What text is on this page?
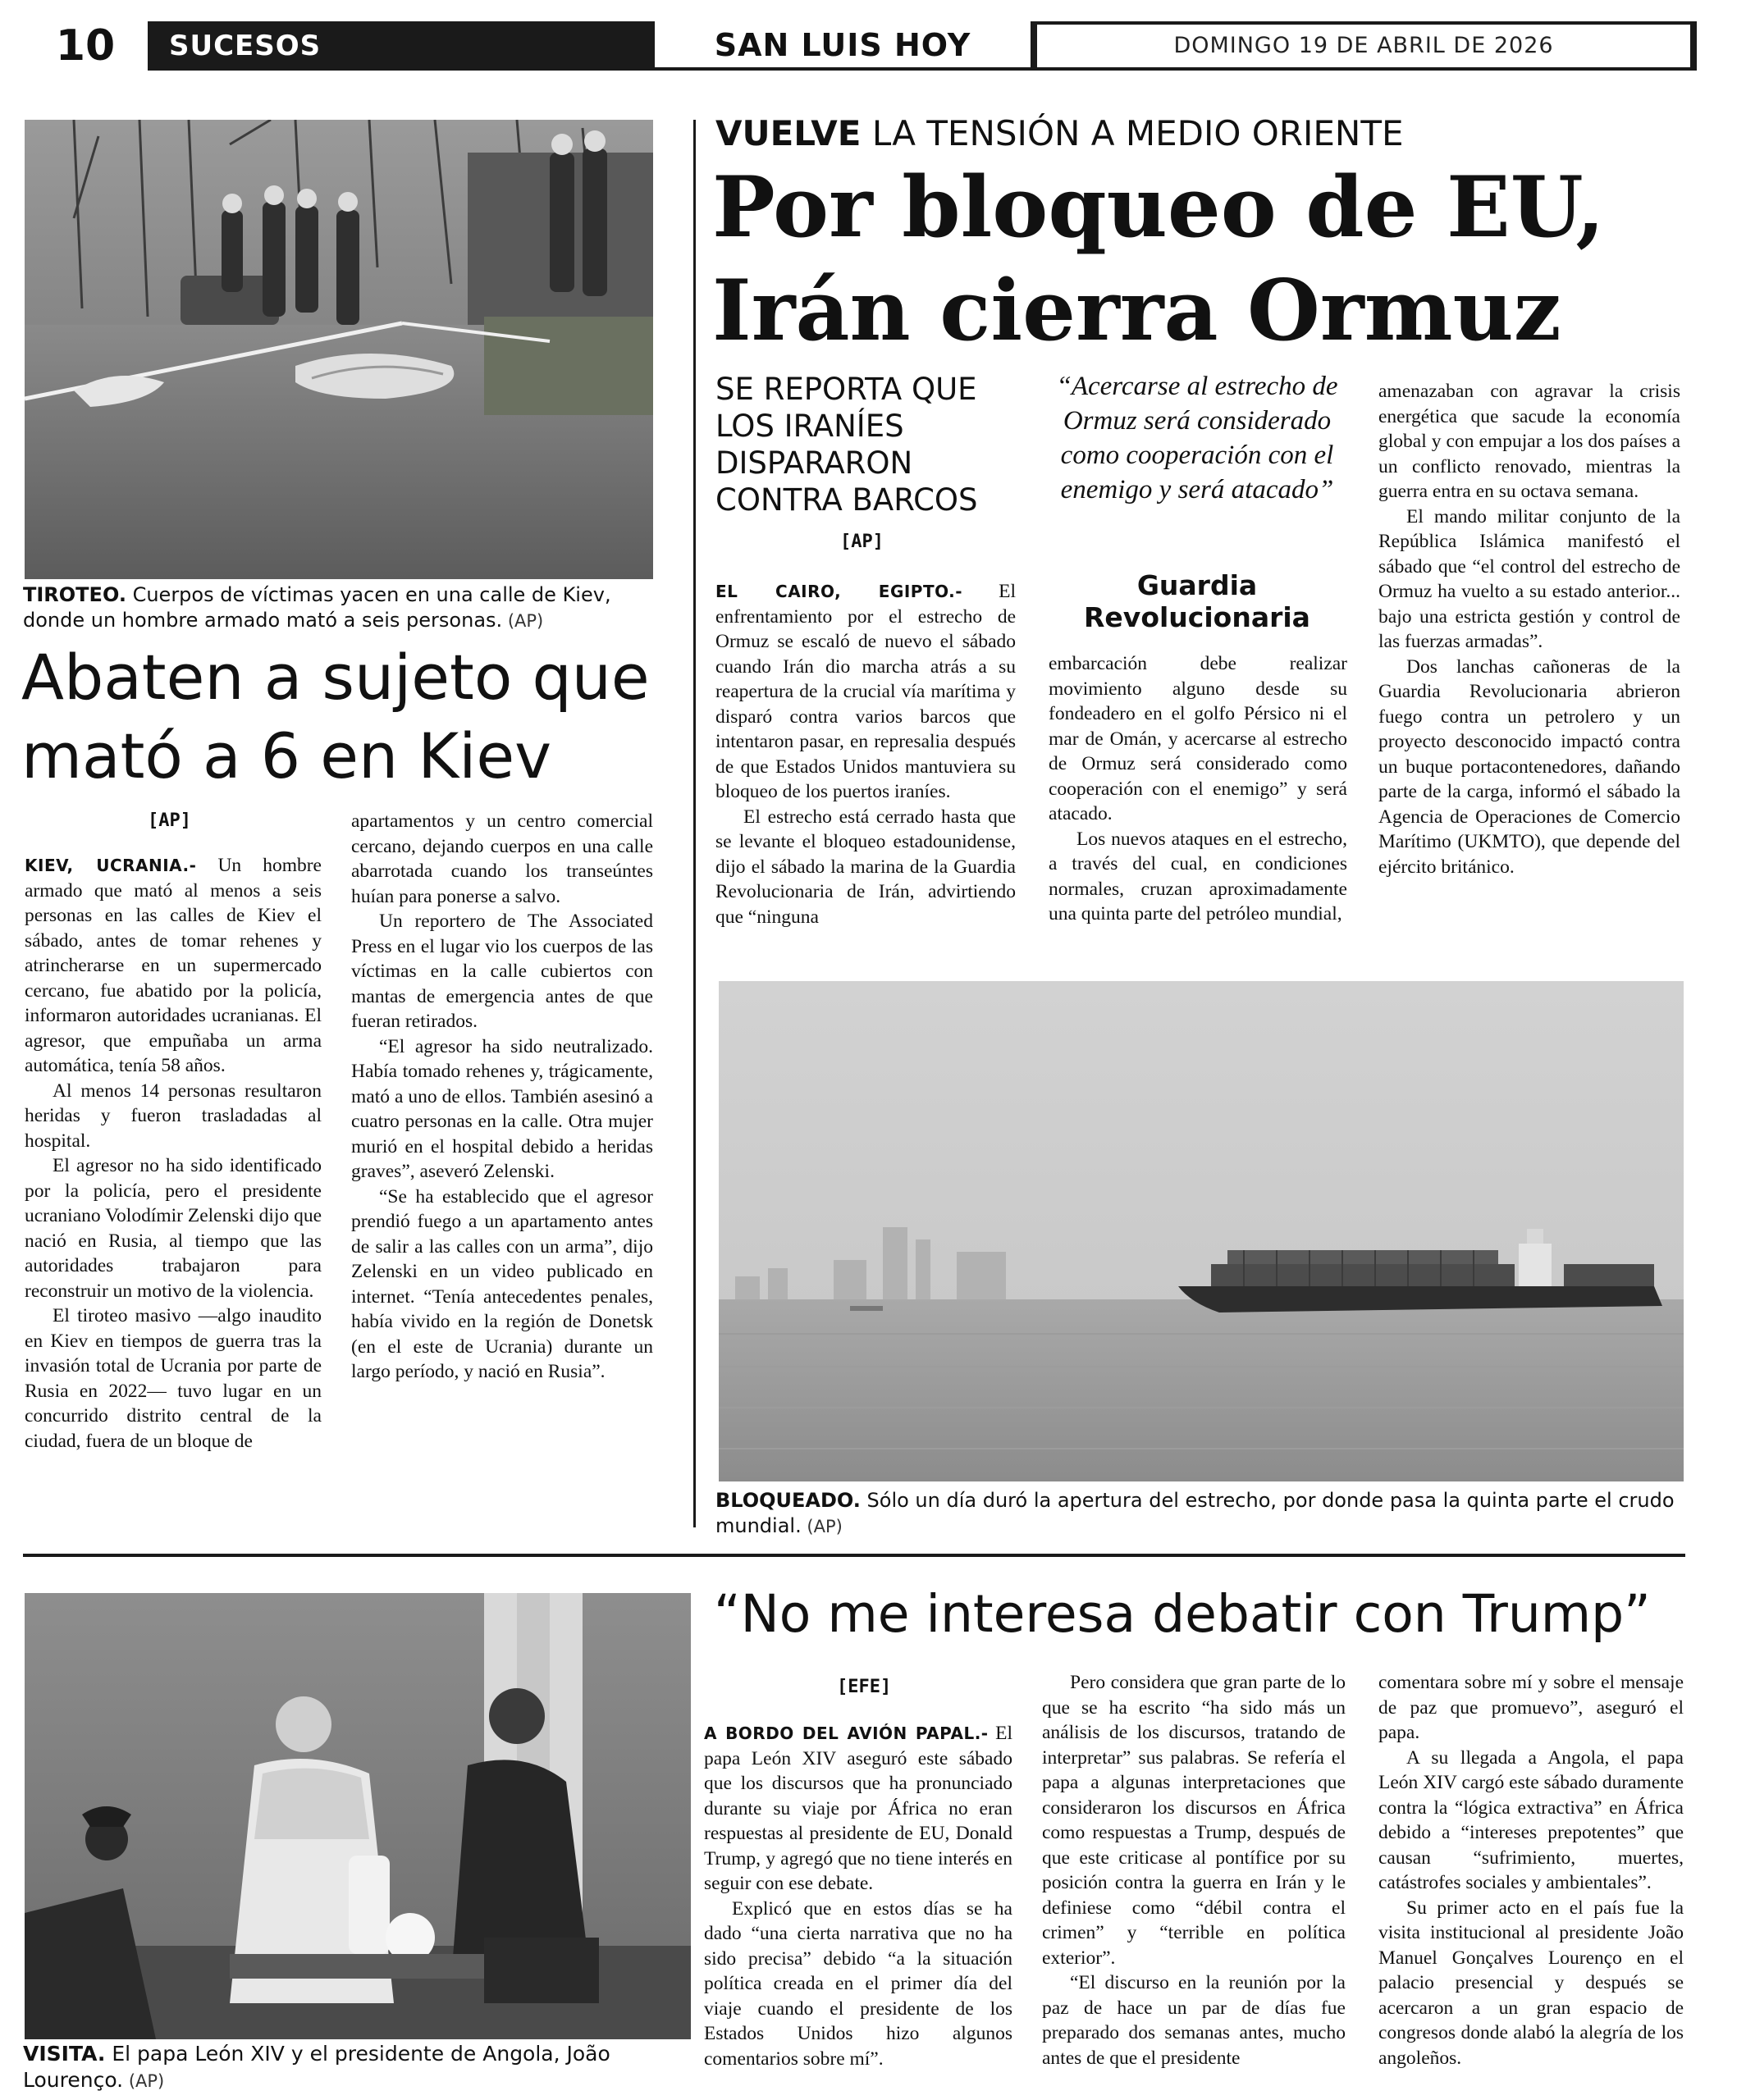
10	SUCESOS	SAN LUIS HOY	DOMINGO 19 DE ABRIL DE 2026
TIROTEO. Cuerpos de víctimas yacen en una calle de Kiev, donde un hombre armado mató a seis personas. (AP)
Abaten a sujeto que mató a 6 en Kiev
[AP]

KIEV, UCRANIA.- Un hombre armado que mató al menos a seis personas en las calles de Kiev el sábado, antes de tomar rehenes y atrincherarse en un supermercado cercano, fue abatido por la policía, informaron autoridades ucranianas. El agresor, que empuñaba un arma automática, tenía 58 años.

Al menos 14 personas resultaron heridas y fueron trasladadas al hospital.

El agresor no ha sido identificado por la policía, pero el presidente ucraniano Volodímir Zelenski dijo que nació en Rusia, al tiempo que las autoridades trabajaron para reconstruir un motivo de la violencia.

El tiroteo masivo —algo inaudito en Kiev en tiempos de guerra tras la invasión total de Ucrania por parte de Rusia en 2022— tuvo lugar en un concurrido distrito central de la ciudad, fuera de un bloque de

apartamentos y un centro comercial cercano, dejando cuerpos en una calle abarrotada cuando los transeúntes huían para ponerse a salvo.

Un reportero de The Associated Press en el lugar vio los cuerpos de las víctimas en la calle cubiertos con mantas de emergencia antes de que fueran retirados.

“El agresor ha sido neutralizado. Había tomado rehenes y, trágicamente, mató a uno de ellos. También asesinó a cuatro personas en la calle. Otra mujer murió en el hospital debido a heridas graves”, aseveró Zelenski.

“Se ha establecido que el agresor prendió fuego a un apartamento antes de salir a las calles con un arma”, dijo Zelenski en un video publicado en internet. “Tenía antecedentes penales, había vivido en la región de Donetsk (en el este de Ucrania) durante un largo período, y nació en Rusia”.

VUELVE LA TENSIÓN A MEDIO ORIENTE
Por bloqueo de EU, Irán cierra Ormuz
SE REPORTA QUE LOS IRANÍES DISPARARON CONTRA BARCOS
[AP]
“Acercarse al estrecho de Ormuz será considerado como cooperación con el enemigo y será atacado”
Guardia Revolucionaria

EL CAIRO, EGIPTO.- El enfrentamiento por el estrecho de Ormuz se escaló de nuevo el sábado cuando Irán dio marcha atrás a su reapertura de la crucial vía marítima y disparó contra varios barcos que intentaron pasar, en represalia después de que Estados Unidos mantuviera su bloqueo de los puertos iraníes.

El estrecho está cerrado hasta que se levante el bloqueo estadounidense, dijo el sábado la marina de la Guardia Revolucionaria de Irán, advirtiendo que “ninguna

embarcación debe realizar movimiento alguno desde su fondeadero en el golfo Pérsico ni el mar de Omán, y acercarse al estrecho de Ormuz será considerado como cooperación con el enemigo” y será atacado.

Los nuevos ataques en el estrecho, a través del cual, en condiciones normales, cruzan aproximadamente una quinta parte del petróleo mundial,

amenazaban con agravar la crisis energética que sacude la economía global y con empujar a los dos países a un conflicto renovado, mientras la guerra entra en su octava semana.

El mando militar conjunto de la República Islámica manifestó el sábado que “el control del estrecho de Ormuz ha vuelto a su estado anterior... bajo una estricta gestión y control de las fuerzas armadas”.

Dos lanchas cañoneras de la Guardia Revolucionaria abrieron fuego contra un petrolero y un proyecto desconocido impactó contra un buque portacontenedores, dañando parte de la carga, informó el sábado la Agencia de Operaciones de Comercio Marítimo (UKMTO), que depende del ejército británico.

BLOQUEADO. Sólo un día duró la apertura del estrecho, por donde pasa la quinta parte el crudo mundial. (AP)
VISITA. El papa León XIV y el presidente de Angola, João Lourenço. (AP)
“No me interesa debatir con Trump”
[EFE]

A BORDO DEL AVIÓN PAPAL.- El papa León XIV aseguró este sábado que los discursos que ha pronunciado durante su viaje por África no eran respuestas al presidente de EU, Donald Trump, y agregó que no tiene interés en seguir con ese debate.

Explicó que en estos días se ha dado “una cierta narrativa que no ha sido precisa” debido “a la situación política creada en el primer día del viaje cuando el presidente de los Estados Unidos hizo algunos comentarios sobre mí”.

Pero considera que gran parte de lo que se ha escrito “ha sido más un análisis de los discursos, tratando de interpretar” sus palabras. Se refería el papa a algunas interpretaciones que consideraron los discursos en África como respuestas a Trump, después de que este criticase al pontífice por su posición contra la guerra en Irán y le definiese como “débil contra el crimen” y “terrible en política exterior”.

“El discurso en la reunión por la paz de hace un par de días fue preparado dos semanas antes, mucho antes de que el presidente

comentara sobre mí y sobre el mensaje de paz que promuevo”, aseguró el papa.

A su llegada a Angola, el papa León XIV cargó este sábado duramente contra la “lógica extractiva” en África debido a “intereses prepotentes” que causan “sufrimiento, muertes, catástrofes sociales y ambientales”.

Su primer acto en el país fue la visita institucional al presidente João Manuel Gonçalves Lourenço en el palacio presencial y después se acercaron a un gran espacio de congresos donde alabó la alegría de los angoleños.
